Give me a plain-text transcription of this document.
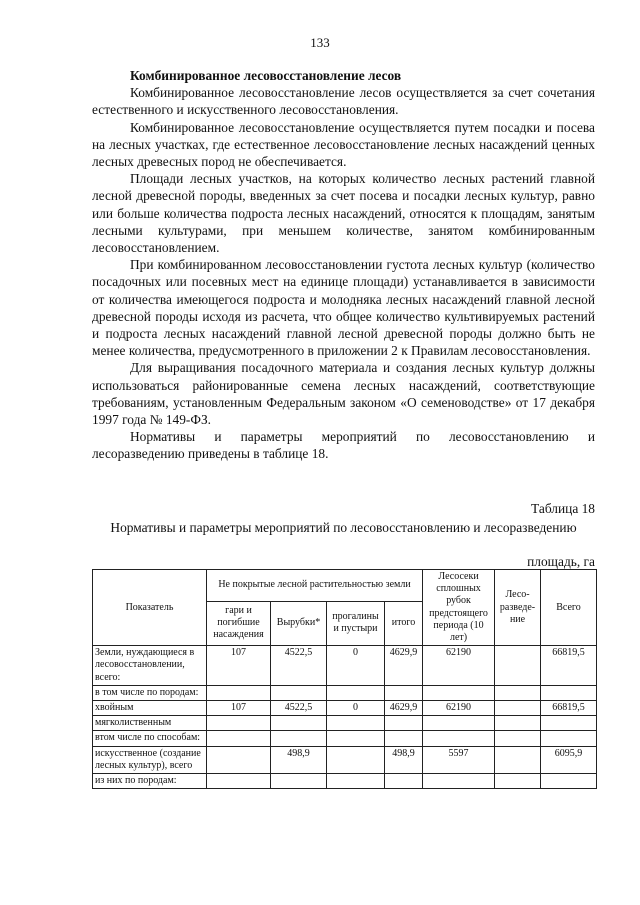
133

Комбинированное лесовосстановление лесов

Комбинированное лесовосстановление лесов осуществляется за счет сочетания естественного и искусственного лесовосстановления.

Комбинированное лесовосстановление осуществляется путем посадки и посева на лесных участках, где естественное лесовосстановление лесных насаждений ценных лесных древесных пород не обеспечивается.

Площади лесных участков, на которых количество лесных растений главной лесной древесной породы, введенных за счет посева и посадки лесных культур, равно или больше количества подроста лесных насаждений, относятся к площадям, занятым лесными культурами, при меньшем количестве, занятом комбинированным лесовосстановлением.

При комбинированном лесовосстановлении густота лесных культур (количество посадочных или посевных мест на единице площади) устанавливается в зависимости от количества имеющегося подроста и молодняка лесных насаждений главной лесной древесной породы исходя из расчета, что общее количество культивируемых растений и подроста лесных насаждений главной лесной древесной породы должно быть не менее количества, предусмотренного в приложении 2 к Правилам лесовосстановления.

Для выращивания посадочного материала и создания лесных культур должны использоваться районированные семена лесных насаждений, соответствующие требованиям, установленным Федеральным законом «О семеноводстве» от 17 декабря 1997 года № 149-ФЗ.

Нормативы и параметры мероприятий по лесовосстановлению и лесоразведению приведены в таблице 18.

Таблица 18
Нормативы и параметры мероприятий по лесовосстановлению и лесоразведению
площадь, га
Показатель	Не покрытые лесной растительностью земли				Лесосеки сплошных рубок предстоящего периода (10 лет)	Лесо-разведе-ние	Всего
	гари и погибшие насаждения	Вырубки*	прогалины и пустыри	итого			
Земли, нуждающиеся в лесовосстановлении, всего:	107	4522,5	0	4629,9	62190		66819,5
в том числе по породам:							
хвойным	107	4522,5	0	4629,9	62190		66819,5
мягколиственным							
втом числе по способам:							
искусственное (создание лесных культур), всего		498,9		498,9	5597		6095,9
из них по породам:							
